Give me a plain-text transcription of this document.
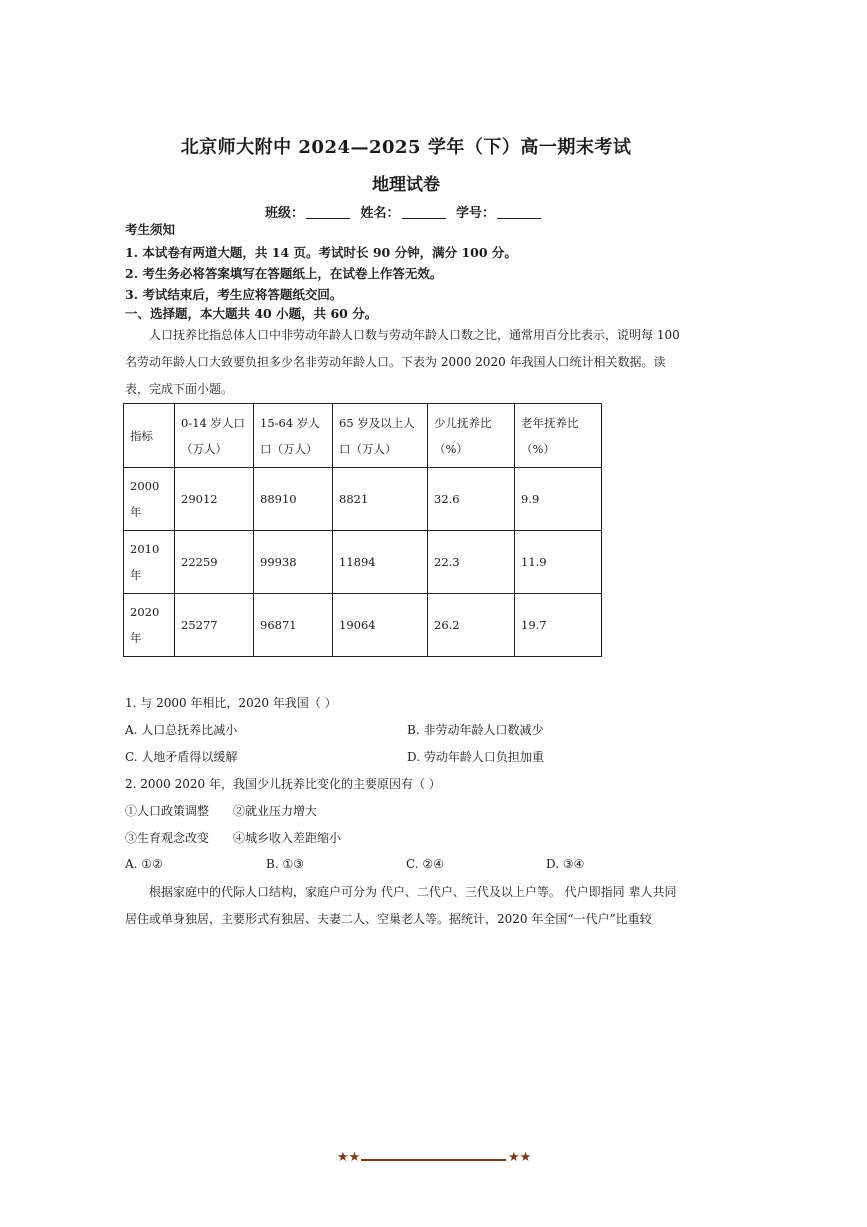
北京师大附中 2024—2025 学年（下）高一期末考试
地理试卷
班级：	姓名：	学号：
考生须知
1. 本试卷有两道大题，共 14 页。考试时长 90 分钟，满分 100 分。
2. 考生务必将答案填写在答题纸上，在试卷上作答无效。
3. 考试结束后，考生应将答题纸交回。
一、选择题，本大题共 40 小题，共 60 分。
人口抚养比指总体人口中非劳动年龄人口数与劳动年龄人口数之比，通常用百分比表示，说明每 100 名劳动年龄人口大致要负担多少名非劳动年龄人口。下表为 2000 2020 年我国人口统计相关数据。读表，完成下面小题。
指标	0-14 岁人口（万人）	15-64 岁人口（万人）	65 岁及以上人口（万人）	少儿抚养比（%）	老年抚养比（%）
2000 年	29012	88910	8821	32.6	9.9
2010 年	22259	99938	11894	22.3	11.9
2020 年	25277	96871	19064	26.2	19.7
1. 与 2000 年相比，2020 年我国（ ）
A. 人口总抚养比减小	B. 非劳动年龄人口数减少
C. 人地矛盾得以缓解	D. 劳动年龄人口负担加重
2. 2000 2020 年，我国少儿抚养比变化的主要原因有（ ）
①人口政策调整 ②就业压力增大
③生育观念改变 ④城乡收入差距缩小
A. ①②	B. ①③	C. ②④	D. ③④
根据家庭中的代际人口结构，家庭户可分为 代户、二代户、三代及以上户等。 代户即指同 辈人共同居住或单身独居，主要形式有独居、夫妻二人、空巢老人等。据统计，2020 年全国“一代户”比重较
★★	★★
